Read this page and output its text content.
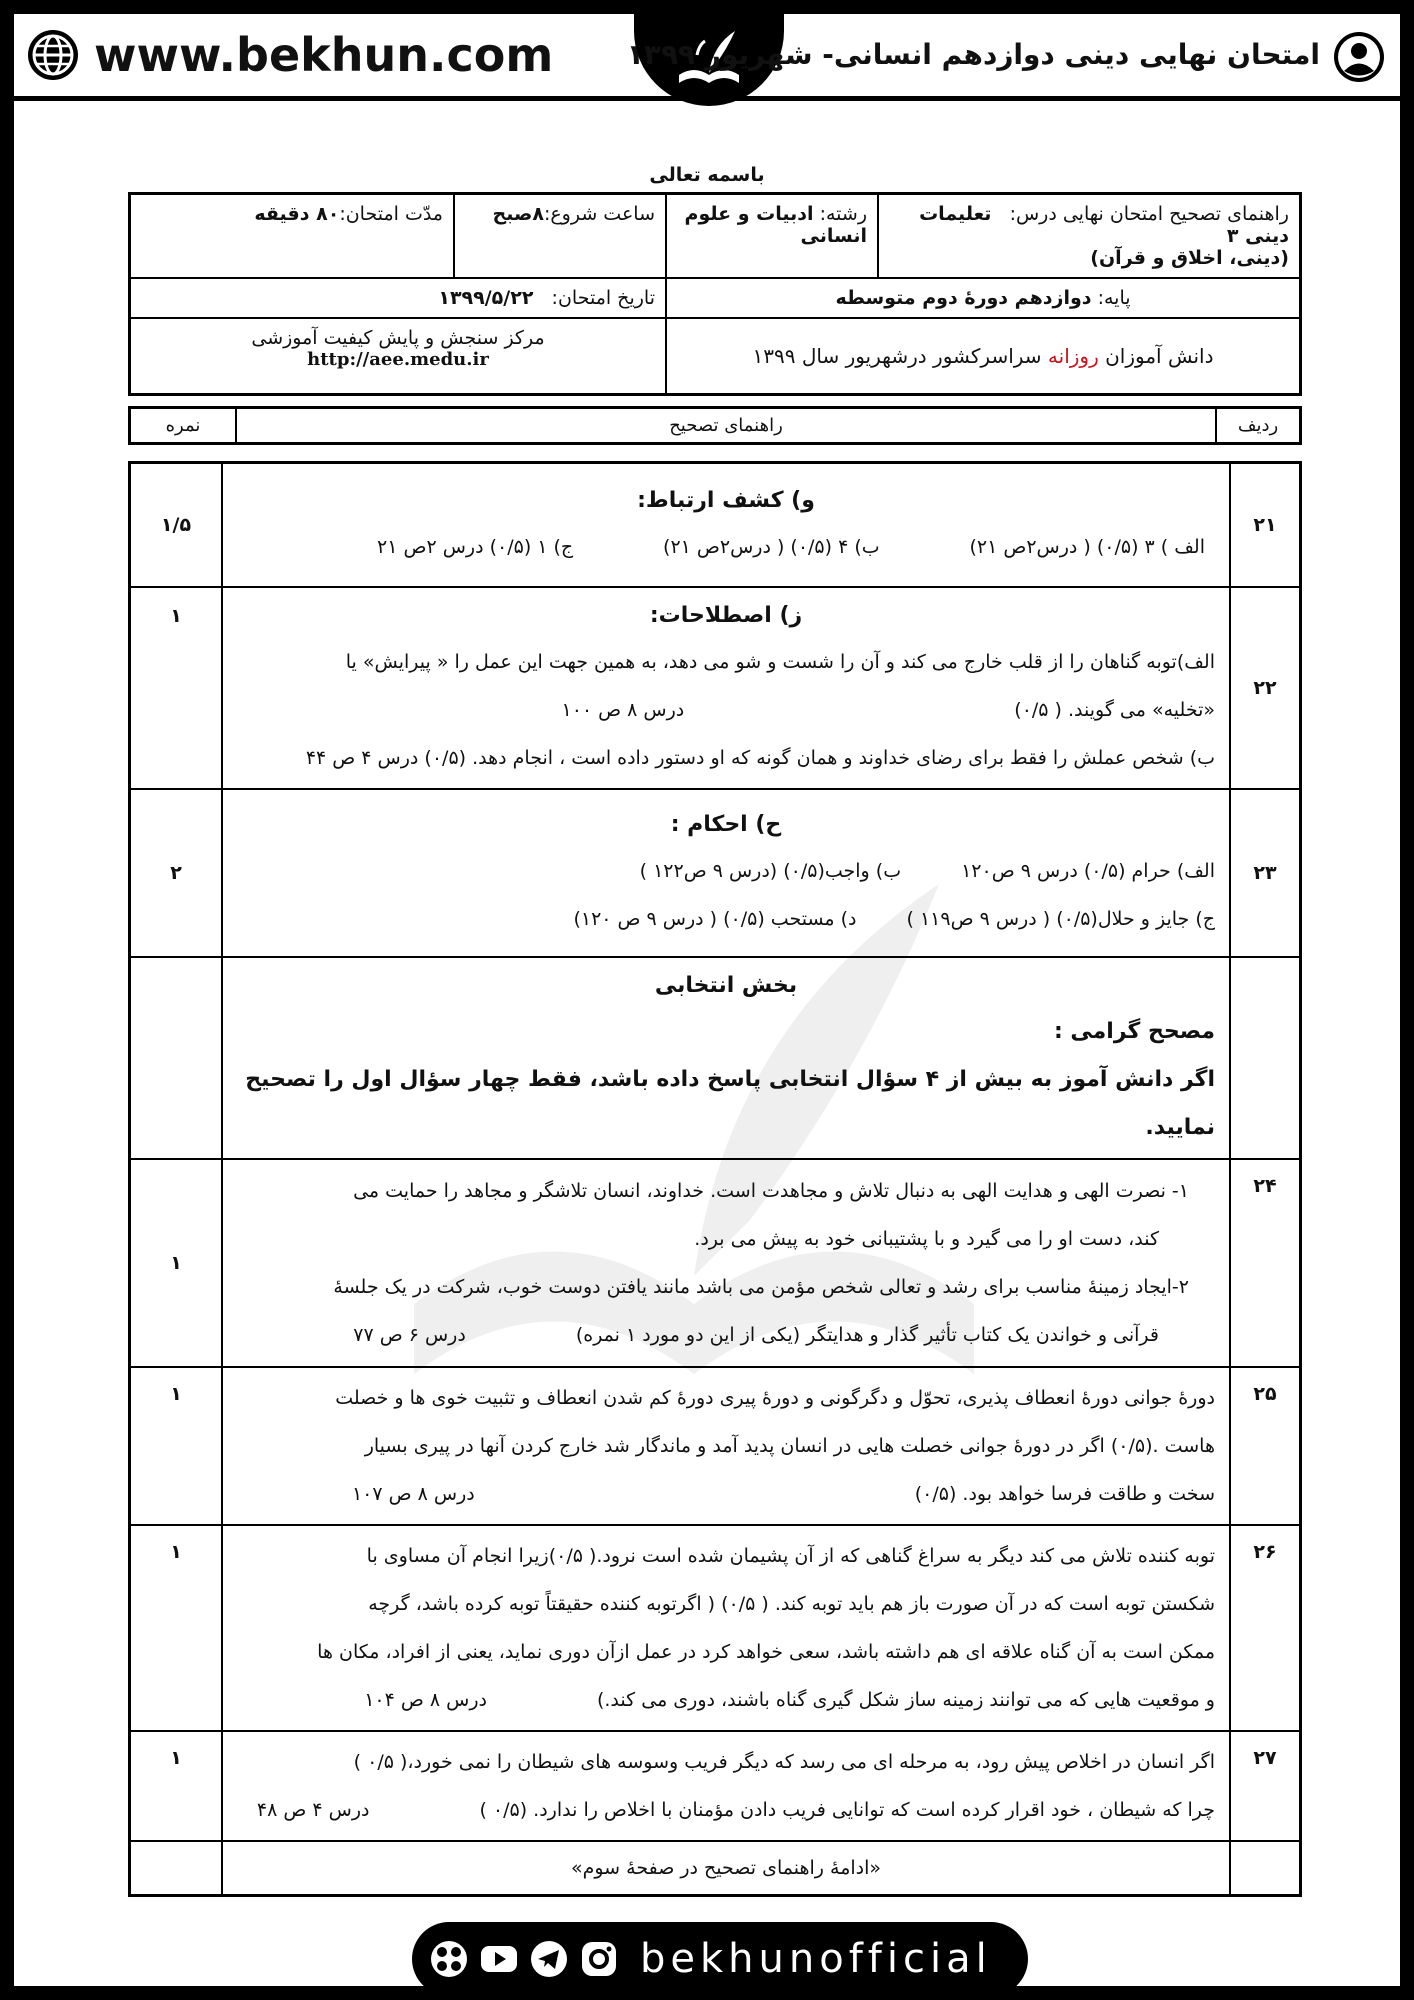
www.bekhun.com	امتحان نهایی دینی دوازدهم انسانی- شهریور ۱۳۹۹
باسمه تعالی
راهنمای تصحیح امتحان نهایی درس:   تعلیمات دینی ۳
(دینی، اخلاق و قرآن)	رشته: ادبیات و علوم انسانی	ساعت شروع:۸صبح	مدّت امتحان:۸۰ دقیقه
پایه: دوازدهم دورهٔ دوم متوسطه		تاریخ امتحان:   ۱۳۹۹/۵/۲۲	
دانش آموزان روزانه سراسرکشور درشهریور سال ۱۳۹۹		مرکز سنجش و پایش کیفیت آموزشی
http://aee.medu.ir	
ردیف	راهنمای تصحیح	نمره
۲۱	و) کشف ارتباط:
الف ) ۳ (۰/۵) ( درس۲ص ۲۱)
ب) ۴ (۰/۵) ( درس۲ص ۲۱)
ج) ۱ (۰/۵) درس ۲ص ۲۱	۱/۵
۲۲	ز) اصطلاحات:
الف)توبه گناهان را از قلب خارج می کند و آن را شست و شو می دهد، به همین جهت این عمل را « پیرایش» یا
«تخلیه» می گویند. ( ۰/۵)درس ۸ ص ۱۰۰
ب) شخص عملش را فقط برای رضای خداوند و همان گونه که او دستور داده است ، انجام دهد. (۰/۵) درس ۴ ص ۴۴	۱
۲۳	ح) احکام :
الف) حرام (۰/۵) درس ۹ ص۱۲۰ب) واجب(۰/۵) (درس ۹ ص۱۲۲ )
ج) جایز و حلال(۰/۵) ( درس ۹ ص۱۱۹ )د) مستحب (۰/۵) ( درس ۹ ص ۱۲۰)	۲

	بخش انتخابی
مصحح گرامی :
اگر دانش آموز به بیش از ۴ سؤال انتخابی پاسخ داده باشد، فقط چهار سؤال اول را تصحیح نمایید.	

۲۴	۱- نصرت الهی و هدایت الهی به دنبال تلاش و مجاهدت است. خداوند، انسان تلاشگر و مجاهد را حمایت می
کند، دست او را می گیرد و با پشتیبانی خود به پیش می برد.
۲-ایجاد زمینهٔ مناسب برای رشد و تعالی شخص مؤمن می باشد مانند یافتن دوست خوب، شرکت در یک جلسهٔ
قرآنی و خواندن یک کتاب تأثیر گذار و هدایتگر (یکی از این دو مورد ۱ نمره)درس ۶ ص ۷۷	۱
۲۵	دورهٔ جوانی دورهٔ انعطاف پذیری، تحوّل و دگرگونی و دورهٔ پیری دورهٔ کم شدن انعطاف و تثبیت خوی ها و خصلت
هاست .(۰/۵) اگر در دورهٔ جوانی خصلت هایی در انسان پدید آمد و ماندگار شد خارج کردن آنها در پیری بسیار
سخت و طاقت فرسا خواهد بود. (۰/۵)درس ۸ ص ۱۰۷	۱
۲۶	توبه کننده تلاش می کند دیگر به سراغ گناهی که از آن پشیمان شده است نرود.( ۰/۵)زیرا انجام آن مساوی با
شکستن توبه است که در آن صورت باز هم باید توبه کند. ( ۰/۵) ( اگرتوبه کننده حقیقتاً توبه کرده باشد، گرچه
ممکن است به آن گناه علاقه ای هم داشته باشد، سعی خواهد کرد در عمل ازآن دوری نماید، یعنی از افراد، مکان ها
و موقعیت هایی که می توانند زمینه ساز شکل گیری گناه باشند، دوری می کند.)درس ۸ ص ۱۰۴	۱
۲۷	اگر انسان در اخلاص پیش رود، به مرحله ای می رسد که دیگر فریب وسوسه های شیطان را نمی خورد،( ۰/۵ )
چرا که شیطان ، خود اقرار کرده است که توانایی فریب دادن مؤمنان با اخلاص را ندارد. (۰/۵ )درس ۴ ص ۴۸	۱
	«ادامهٔ راهنمای تصحیح در صفحهٔ سوم»	
bekhunofficial
